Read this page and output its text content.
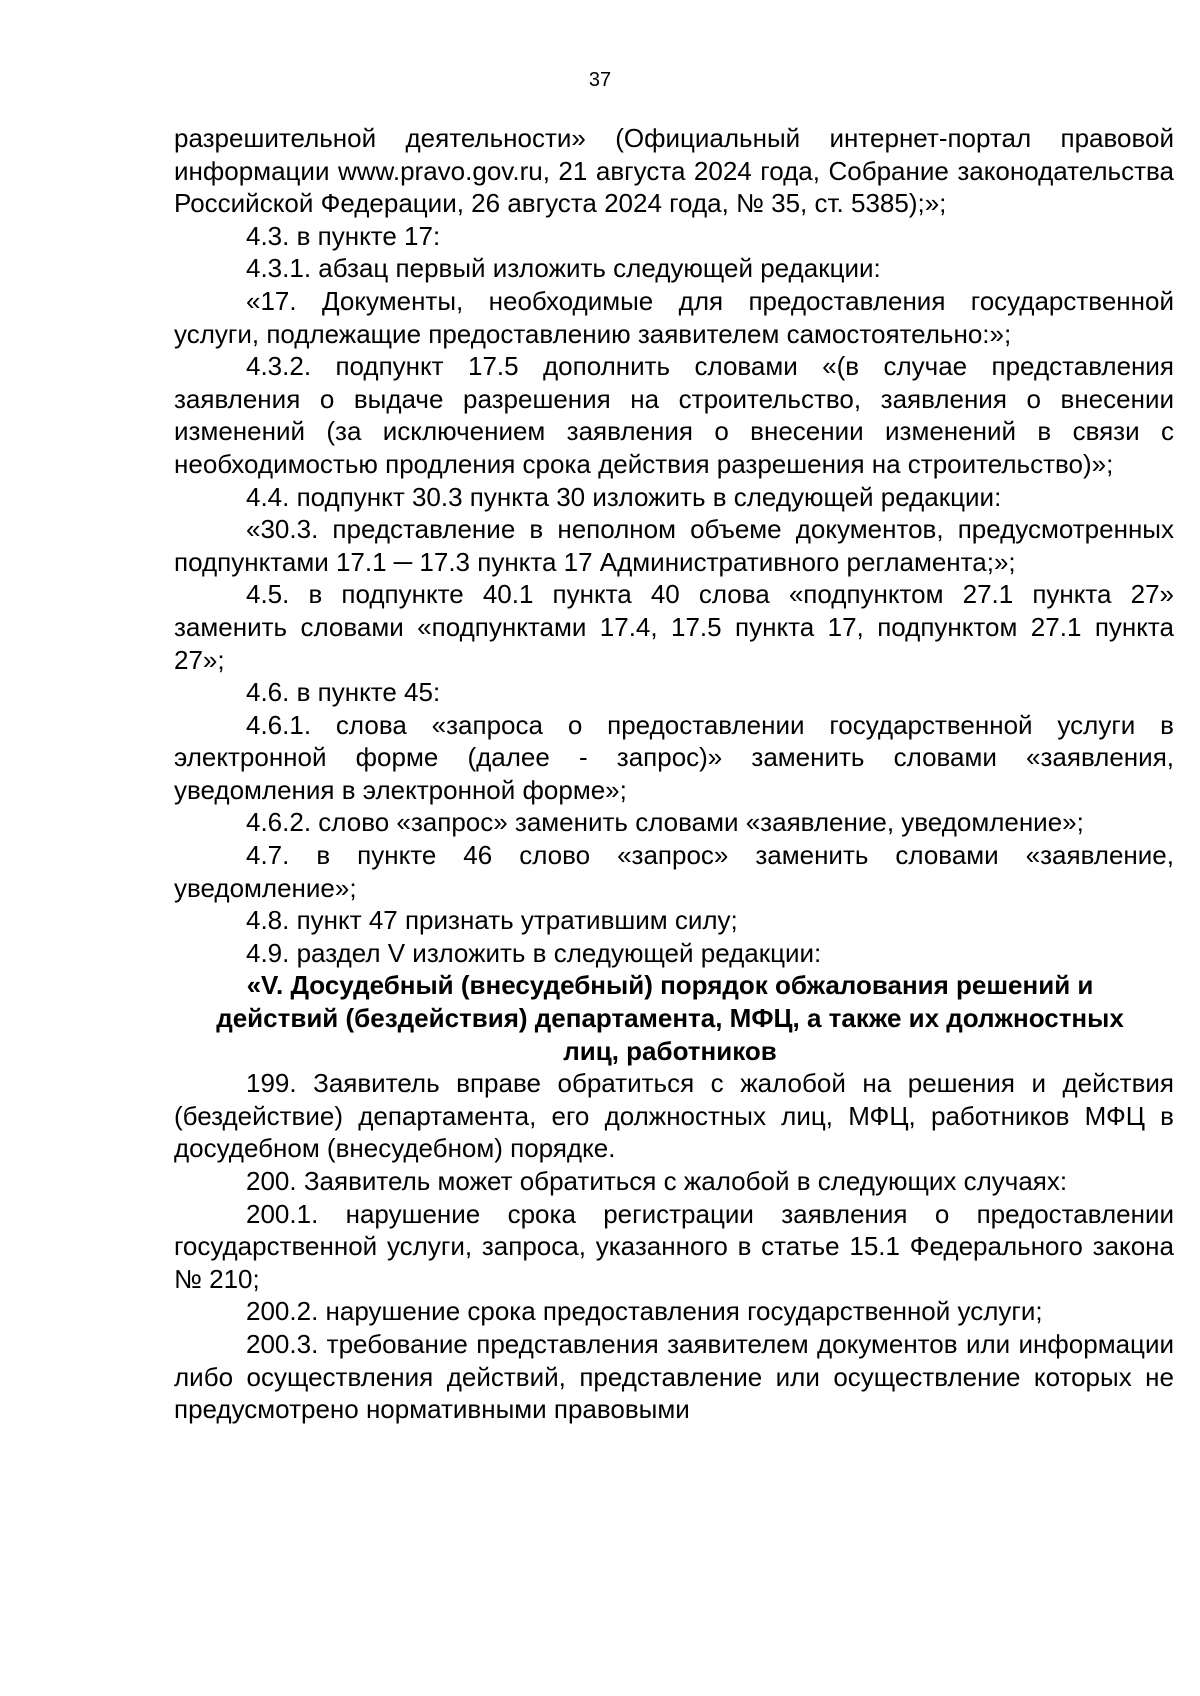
37

разрешительной деятельности» (Официальный интернет-портал правовой информации www.pravo.gov.ru, 21 августа 2024 года, Собрание законодательства Российской Федерации, 26 августа 2024 года, № 35, ст. 5385);»;

4.3. в пункте 17:

4.3.1. абзац первый изложить следующей редакции:

«17. Документы, необходимые для предоставления государственной услуги, подлежащие предоставлению заявителем самостоятельно:»;

4.3.2. подпункт 17.5 дополнить словами «(в случае представления заявления о выдаче разрешения на строительство, заявления о внесении изменений (за исключением заявления о внесении изменений в связи с необходимостью продления срока действия разрешения на строительство)»;

4.4. подпункт 30.3 пункта 30 изложить в следующей редакции:

«30.3. представление в неполном объеме документов, предусмотренных подпунктами 17.1 ─ 17.3 пункта 17 Административного регламента;»;

4.5. в подпункте 40.1 пункта 40 слова «подпунктом 27.1 пункта 27» заменить словами «подпунктами 17.4, 17.5 пункта 17, подпунктом 27.1 пункта 27»;

4.6. в пункте 45:

4.6.1. слова «запроса о предоставлении государственной услуги в электронной форме (далее - запрос)» заменить словами «заявления, уведомления в электронной форме»;

4.6.2. слово «запрос» заменить словами «заявление, уведомление»;

4.7. в пункте 46 слово «запрос» заменить словами «заявление, уведомление»;

4.8. пункт 47 признать утратившим силу;

4.9. раздел V изложить в следующей редакции:

«V. Досудебный (внесудебный) порядок обжалования решений и действий (бездействия) департамента, МФЦ, а также их должностных лиц, работников

199. Заявитель вправе обратиться с жалобой на решения и действия (бездействие) департамента, его должностных лиц, МФЦ, работников МФЦ в досудебном (внесудебном) порядке.

200. Заявитель может обратиться с жалобой в следующих случаях:

200.1. нарушение срока регистрации заявления о предоставлении государственной услуги, запроса, указанного в статье 15.1 Федерального закона № 210;

200.2. нарушение срока предоставления государственной услуги;

200.3. требование представления заявителем документов или информации либо осуществления действий, представление или осуществление которых не предусмотрено нормативными правовыми
